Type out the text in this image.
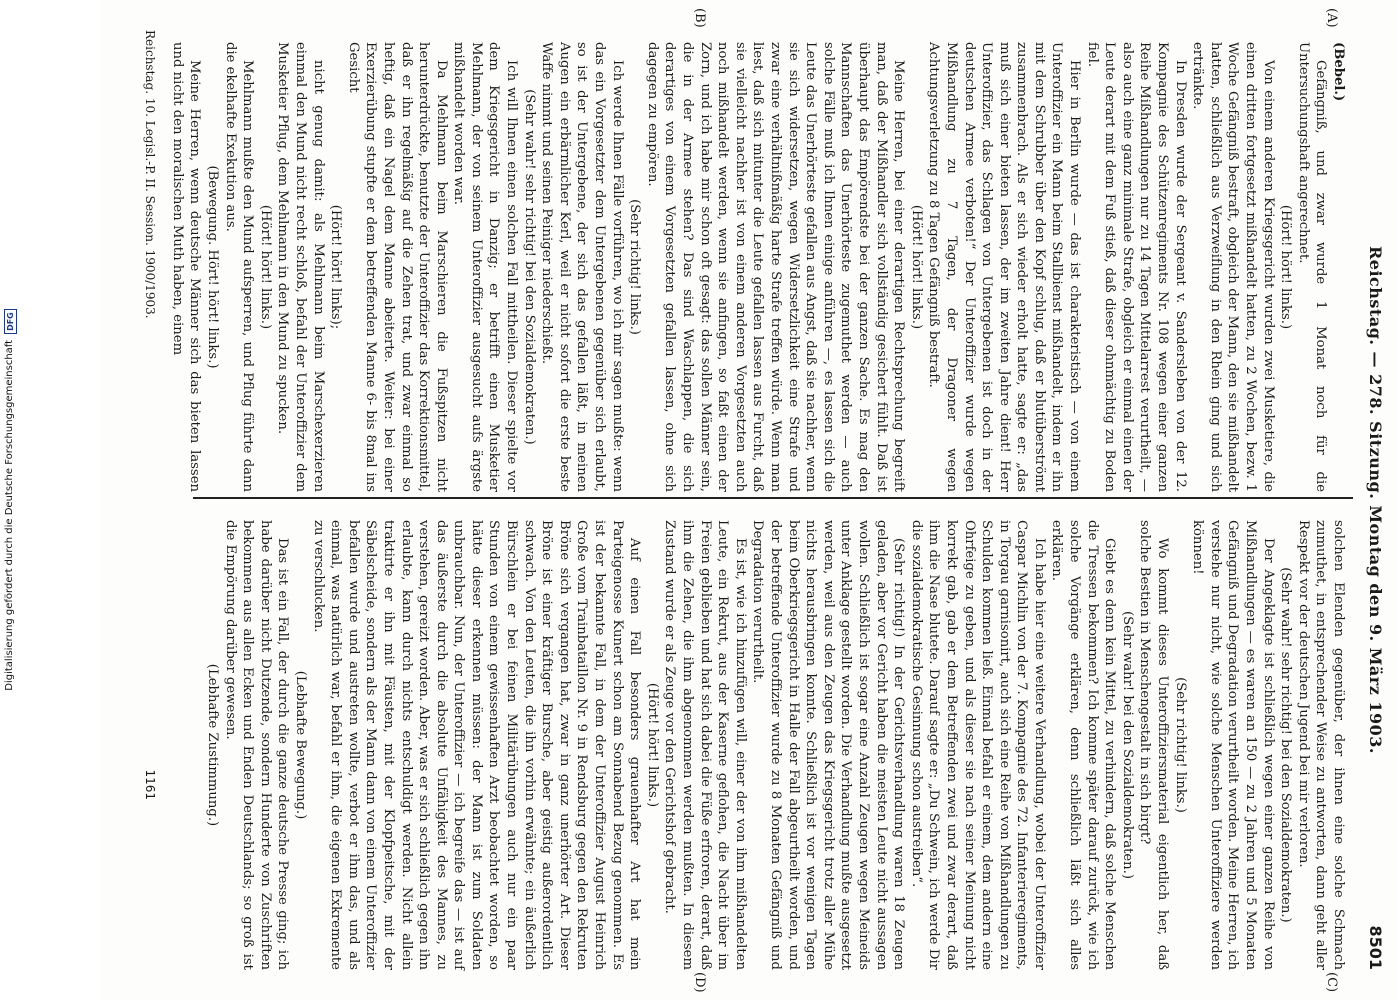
Digitalisierung gefördert durch die Deutsche Forschungsgemeinschaft
DFG	Reichstag. — 278. Sitzung. Montag den 9. März 1903.
8501
(A)
(B)
(C)
(D)

(Bebel.)

Gefängniß, und zwar wurde 1 Monat noch für die Untersuchungshaft angerechnet.

(Hört! hört! links.)

Von einem anderen Kriegsgericht wurden zwei Musketiere, die einen dritten fortgesetzt mißhandelt hatten, zu 2 Wochen, bezw. 1 Woche Gefängniß bestraft, obgleich der Mann, den sie mißhandelt hatten, schließlich aus Verzweiflung in den Rhein ging und sich ertränkte.

In Dresden wurde der Sergeant v. Sandersleben von der 12. Kompagnie des Schützenregiments Nr. 108 wegen einer ganzen Reihe Mißhandlungen nur zu 14 Tagen Mittelarrest verurtheilt, — also auch eine ganz minimale Strafe, obgleich er einmal einen der Leute derart mit dem Fuß stieß, daß dieser ohnmächtig zu Boden fiel.

Hier in Berlin wurde — das ist charakteristisch — von einem Unteroffizier ein Mann beim Stallbienst mißhandelt, indem er ihn mit dem Schrubber über den Kopf schlug, daß er blutüberströmt zusammenbrach. Als er sich wieder erholt hatte, sagte er: „das muß sich einer bieten lassen, der im zweiten Jahre dient! Herr Unteroffizier, das Schlagen von Untergebenen ist doch in der deutschen Armee verboten!“ Der Unteroffizier wurde wegen Mißhandlung zu 7 Tagen, der Dragoner wegen Achtungsverletzung zu 8 Tagen Gefängniß bestraft.

(Hört! hört! links.)

Meine Herren, bei einer derartigen Rechtsprechung begreift man, daß der Mißhandler sich vollständig gesichert fühlt. Daß ist überhaupt das Empörendste bei der ganzen Sache. Es mag den Mannschaften das Unerhörteste zugemuthet werden — auch solche Fälle muß ich Ihnen einige anführen —, es lassen sich die Leute das Unerhörteste gefallen aus Angst, daß sie nachher, wenn sie sich widersetzen, wegen Widersetzlichkeit eine Strafe und zwar eine verhältnißmäßig harte Strafe treffen würde. Wenn man liest, daß sich mitunter die Leute gefallen lassen aus Furcht, daß sie vielleicht nachher ist von einem anderen Vorgesetzten auch noch mißhandelt werden, wenn sie anfingen, so faßt einen der Zorn, und ich habe mir schon oft gesagt: das sollen Männer sein, die in der Armee stehen? Das sind Waschlappen, die sich derartiges von einem Vorgesetzten gefallen lassen, ohne sich dagegen zu empören.

(Sehr richtig! links.)

Ich werde Ihnen Fälle vorführen, wo ich mir sagen mußte: wenn das ein Vorgesetzter dem Untergebenen gegenüber sich erlaubt, so ist der Untergebene, der sich das gefallen läßt, in meinen Augen ein erbärmlicher Kerl, weil er nicht sofort die erste beste Waffe nimmt und seinen Peiniger niederschießt.

(Sehr wahr! sehr richtig! bei den Sozialdemokraten.)

Ich will Ihnen einen solchen Fall mittheilen. Dieser spielte vor dem Kriegsgericht in Danzig; er betrifft einen Musketier Mehlmann, der von seinem Unteroffizier ausgesucht aufs ärgste mißhandelt worden war.

Da Mehlmann beim Marschieren die Fußspitzen nicht herunterdrückte, benutzte der Unteroffizier das Korrektionsmittel, daß er ihn regelmäßig auf die Zehen trat, und zwar einmal so heftig, daß ein Nagel dem Manne abeiterte. Weiter: bei einer Exerzierübung stupfte er dem betreffenden Manne 6- bis 8mal ins Gesicht

(Hört! hört! links);

nicht genug damit: als Mehlmann beim Marschexerzieren einmal den Mund nicht recht schloß, befahl der Unteroffizier dem Musketier Pflug, dem Mehlmann in den Mund zu spucken.

(Hört! hört! links.)

Mehlmann mußte den Mund aufsperren, und Pflug führte dann die ekelhafte Exekution aus.

(Bewegung. Hört! hört! links.)

Meine Herren, wenn deutsche Männer sich das bieten lassen und nicht den moralischen Muth haben, einem

solchen Elenden gegenüber, der ihnen eine solche Schmach zumuthet, in entsprechender Weise zu antworten, dann geht aller Respekt vor der deutschen Jugend bei mir verloren.

(Sehr wahr! sehr richtig! bei den Sozialdemokraten.)

Der Angeklagte ist schließlich wegen einer ganzen Reihe von Mißhandlungen — es waren an 150 — zu 2 Jahren und 5 Monaten Gefängniß und Degradation verurtheilt worden. Meine Herren, ich verstehe nur nicht, wie solche Menschen Unteroffiziere werden können!

(Sehr richtig! links.)

Wo kommt dieses Unteroffiziersmaterial eigentlich her, daß solche Bestien in Menschengestalt in sich birgt?

(Sehr wahr! bei den Sozialdemokraten.)

Giebt es denn kein Mittel, zu verhindern, daß solche Menschen die Tressen bekommen? Ich komme später darauf zurück, wie ich solche Vorgänge erklären, denn schließlich läßt sich alles erklären.

Ich habe hier eine weitere Verhandlung, wobei der Unteroffizier Caspar Michlin von der 7. Kompagnie des 72. Infanterieregiments, in Torgau garnisonirt, auch sich eine Reihe von Mißhandlungen zu Schulden kommen ließ. Einmal befahl er einem, dem andern eine Ohrfeige zu geben, und als dieser sie nach seiner Meinung nicht korrekt gab, gab er dem Betreffenden zwei und zwar derart, daß ihm die Nase blutete. Darauf sagte er: „Du Schwein, ich werde Dir die sozialdemokratische Gesinnung schon austreiben“.

(Sehr richtig!) In der Gerichtsverhandlung waren 18 Zeugen geladen, aber vor Gericht haben die meisten Leute nicht aussagen wollen. Schließlich ist sogar eine Anzahl Zeugen wegen Meineids unter Anklage gestellt worden. Die Verhandlung mußte ausgesetzt werden, weil aus den Zeugen das Kriegsgericht trotz aller Mühe nichts herausbringen konnte. Schließlich ist vor wenigen Tagen beim Oberkriegsgericht in Halle der Fall abgeurtheilt worden, und der betreffende Unteroffizier wurde zu 8 Monaten Gefängniß und Degradation verurtheilt.

Es ist, wie ich hinzufügen will, einer der von ihm mißhandelten Leute, ein Rekrut, aus der Kaserne geflohen, die Nacht über im Freien geblieben und hat sich dabei die Füße erfroren, derart, daß ihm die Zehen, die ihm abgenommen werden mußten. In diesem Zustand wurde er als Zeuge vor den Gerichtshof gebracht.

(Hört! hört! links.)

Auf einen Fall besonders grauenhafter Art hat mein Parteigenosse Kunert schon am Sonnabend Bezug genommen. Es ist der bekannte Fall, in dem der Unteroffizier August Heinrich Große vom Trainbataillon Nr. 9 in Rendsburg gegen den Rekruten Bröne sich vergangen hat, zwar in ganz unerhörter Art. Dieser Bröne ist einer kräftiger Bursche, aber geistig außerordentlich schwach. Von den Leuten, die ihn vorhin erwähnte; ein äußerlich Bürschlein er bei feinen Militärübungen auch nur ein paar Stunden von einem gewissenhaften Arzt beobachtet worden, so hätte dieser erkennen müssen: der Mann ist zum Soldaten unbrauchbar. Nun, der Unteroffizier — ich begreife das — ist auf das äußerste durch die absolute Unfähigkeit des Mannes, zu verstehen, gereizt worden. Aber, was er sich schließlich gegen ihn erlaubte, kann durch nichts entschuldigt werden. Nicht allein traktirte er ihn mit Fäusten, mit der Klopfpeitsche, mit der Säbelscheide, sondern als der Mann dann von einem Unteroffizier befallen wurde und austreten wollte, verbot er ihm das, und als einmal, was natürlich war, befahl er ihm, die eigenen Exkremente zu verschlucken.

(Lebhafte Bewegung.)

Das ist ein Fall, der durch die ganze deutsche Presse ging; ich habe darüber nicht Dutzende, sondern Hunderte von Zuschriften bekommen aus allen Ecken und Enden Deutschlands; so groß ist die Empörung darüber gewesen.

(Lebhafte Zustimmung.)

Reichstag. 10. Legisl.-P. II. Session. 1900/1903.
1161
